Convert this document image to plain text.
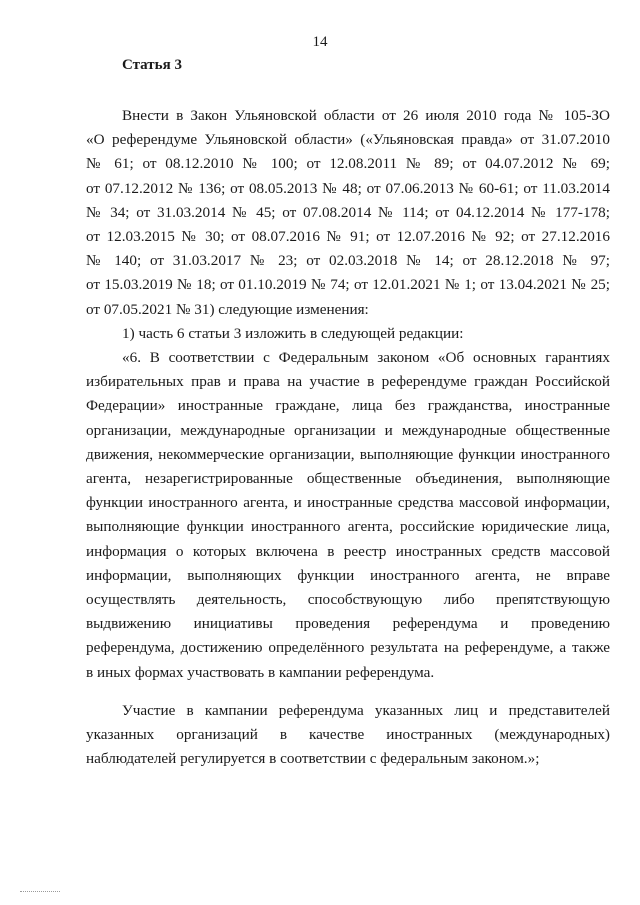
14
Статья 3

Внести в Закон Ульяновской области от 26 июля 2010 года № 105-ЗО

«О референдуме Ульяновской области» («Ульяновская правда» от 31.07.2010

№ 61; от 08.12.2010 № 100; от 12.08.2011 № 89; от 04.07.2012 № 69;

от 07.12.2012 № 136; от 08.05.2013 № 48; от 07.06.2013 № 60-61; от 11.03.2014

№ 34; от 31.03.2014 № 45; от 07.08.2014 № 114; от 04.12.2014 № 177-178;

от 12.03.2015 № 30; от 08.07.2016 № 91; от 12.07.2016 № 92; от 27.12.2016

№ 140; от 31.03.2017 № 23; от 02.03.2018 № 14; от 28.12.2018 № 97;

от 15.03.2019 № 18; от 01.10.2019 № 74; от 12.01.2021 № 1; от 13.04.2021 № 25;

от 07.05.2021 № 31) следующие изменения:

1) часть 6 статьи 3 изложить в следующей редакции:

«6. В соответствии с Федеральным законом «Об основных гарантиях

избирательных прав и права на участие в референдуме граждан Российской

Федерации» иностранные граждане, лица без гражданства, иностранные

организации, международные организации и международные общественные

движения, некоммерческие организации, выполняющие функции иностранного

агента, незарегистрированные общественные объединения, выполняющие

функции иностранного агента, и иностранные средства массовой информации,

выполняющие функции иностранного агента, российские юридические лица,

информация о которых включена в реестр иностранных средств массовой

информации, выполняющих функции иностранного агента, не вправе

осуществлять деятельность, способствующую либо препятствующую

выдвижению инициативы проведения референдума и проведению

референдума, достижению определённого результата на референдуме, а также

в иных формах участвовать в кампании референдума.

Участие в кампании референдума указанных лиц и представителей

указанных организаций в качестве иностранных (международных)

наблюдателей регулируется в соответствии с федеральным законом.»;
